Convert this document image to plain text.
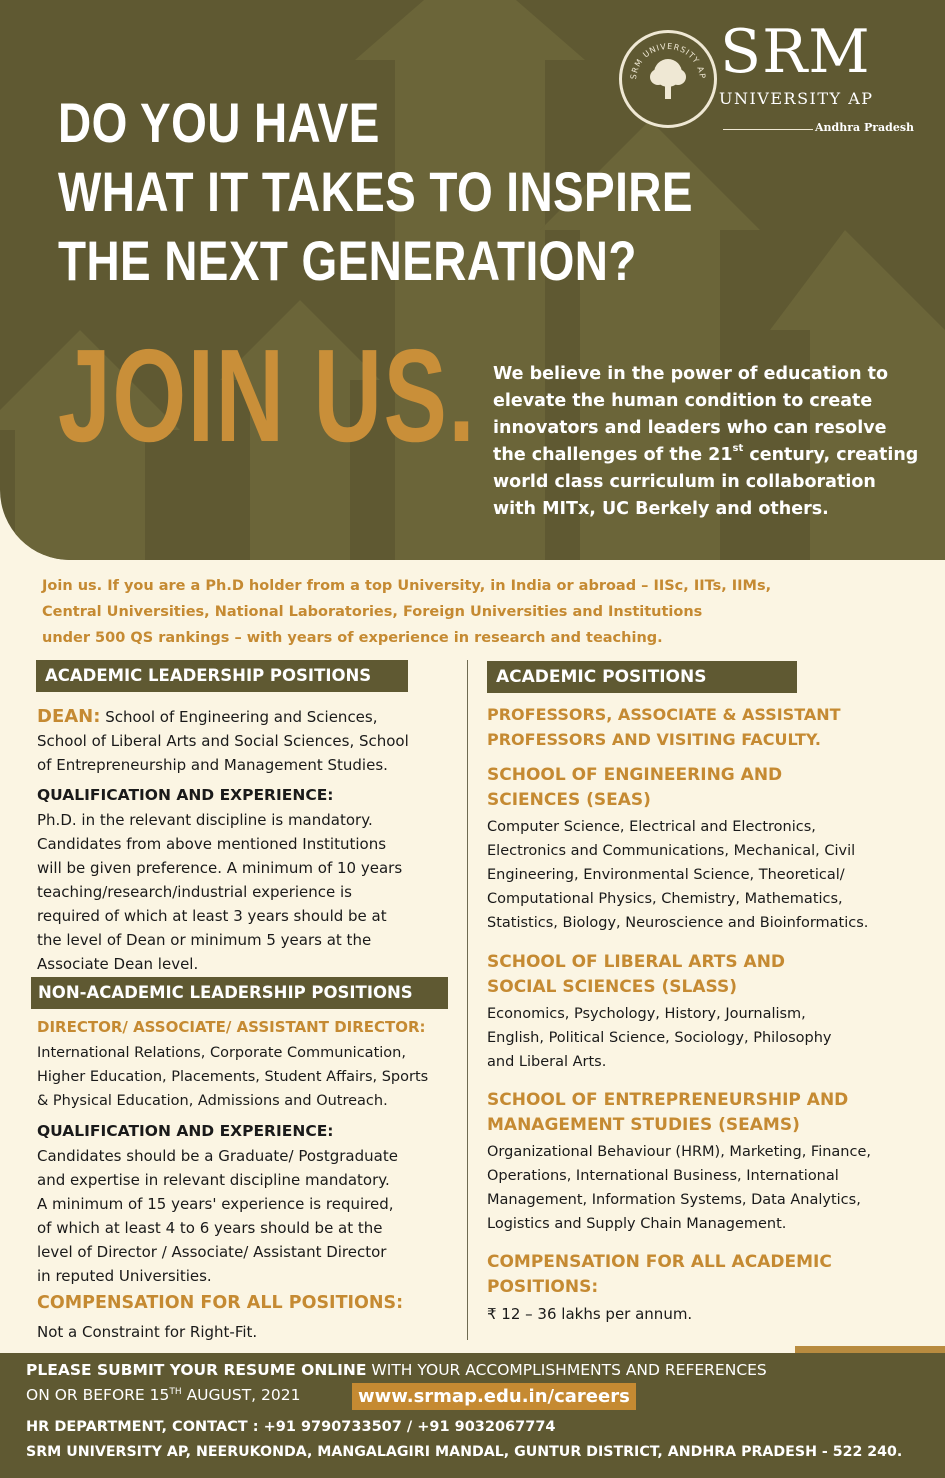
SRM UNIVERSITY AP SRM
UNIVERSITY AP
Andhra Pradesh
DO YOU HAVE
WHAT IT TAKES TO INSPIRE
THE NEXT GENERATION?
JOIN US. We believe in the power of education to elevate the human condition to create innovators and leaders who can resolve the challenges of the 21st century, creating world class curriculum in collaboration with MITx, UC Berkely and others.
Join us. If you are a Ph.D holder from a top University, in India or abroad – IISc, IITs, IIMs,
Central Universities, National Laboratories, Foreign Universities and Institutions
under 500 QS rankings – with years of experience in research and teaching.
ACADEMIC LEADERSHIP POSITIONS
DEAN: School of Engineering and Sciences,
School of Liberal Arts and Social Sciences, School
of Entrepreneurship and Management Studies.
QUALIFICATION AND EXPERIENCE:
Ph.D. in the relevant discipline is mandatory.
Candidates from above mentioned Institutions
will be given preference. A minimum of 10 years
teaching/research/industrial experience is
required of which at least 3 years should be at
the level of Dean or minimum 5 years at the
Associate Dean level.
NON-ACADEMIC LEADERSHIP POSITIONS
DIRECTOR/ ASSOCIATE/ ASSISTANT DIRECTOR:
International Relations, Corporate Communication,
Higher Education, Placements, Student Affairs, Sports
& Physical Education, Admissions and Outreach.
QUALIFICATION AND EXPERIENCE:
Candidates should be a Graduate/ Postgraduate
and expertise in relevant discipline mandatory.
A minimum of 15 years' experience is required,
of which at least 4 to 6 years should be at the
level of Director / Associate/ Assistant Director
in reputed Universities.
COMPENSATION FOR ALL POSITIONS:
Not a Constraint for Right-Fit.
ACADEMIC POSITIONS
PROFESSORS, ASSOCIATE & ASSISTANT
PROFESSORS AND VISITING FACULTY.
SCHOOL OF ENGINEERING AND
SCIENCES (SEAS)
Computer Science, Electrical and Electronics,
Electronics and Communications, Mechanical, Civil
Engineering, Environmental Science, Theoretical/
Computational Physics, Chemistry, Mathematics,
Statistics, Biology, Neuroscience and Bioinformatics.
SCHOOL OF LIBERAL ARTS AND
SOCIAL SCIENCES (SLASS)
Economics, Psychology, History, Journalism,
English, Political Science, Sociology, Philosophy
and Liberal Arts.
SCHOOL OF ENTREPRENEURSHIP AND
MANAGEMENT STUDIES (SEAMS)
Organizational Behaviour (HRM), Marketing, Finance,
Operations, International Business, International
Management, Information Systems, Data Analytics,
Logistics and Supply Chain Management.
COMPENSATION FOR ALL ACADEMIC
POSITIONS:
₹ 12 – 36 lakhs per annum.
PLEASE SUBMIT YOUR RESUME ONLINE WITH YOUR ACCOMPLISHMENTS AND REFERENCES
ON OR BEFORE 15TH AUGUST, 2021	www.srmap.edu.in/careers
HR DEPARTMENT, CONTACT : +91 9790733507 / +91 9032067774
SRM UNIVERSITY AP, NEERUKONDA, MANGALAGIRI MANDAL, GUNTUR DISTRICT, ANDHRA PRADESH - 522 240.
